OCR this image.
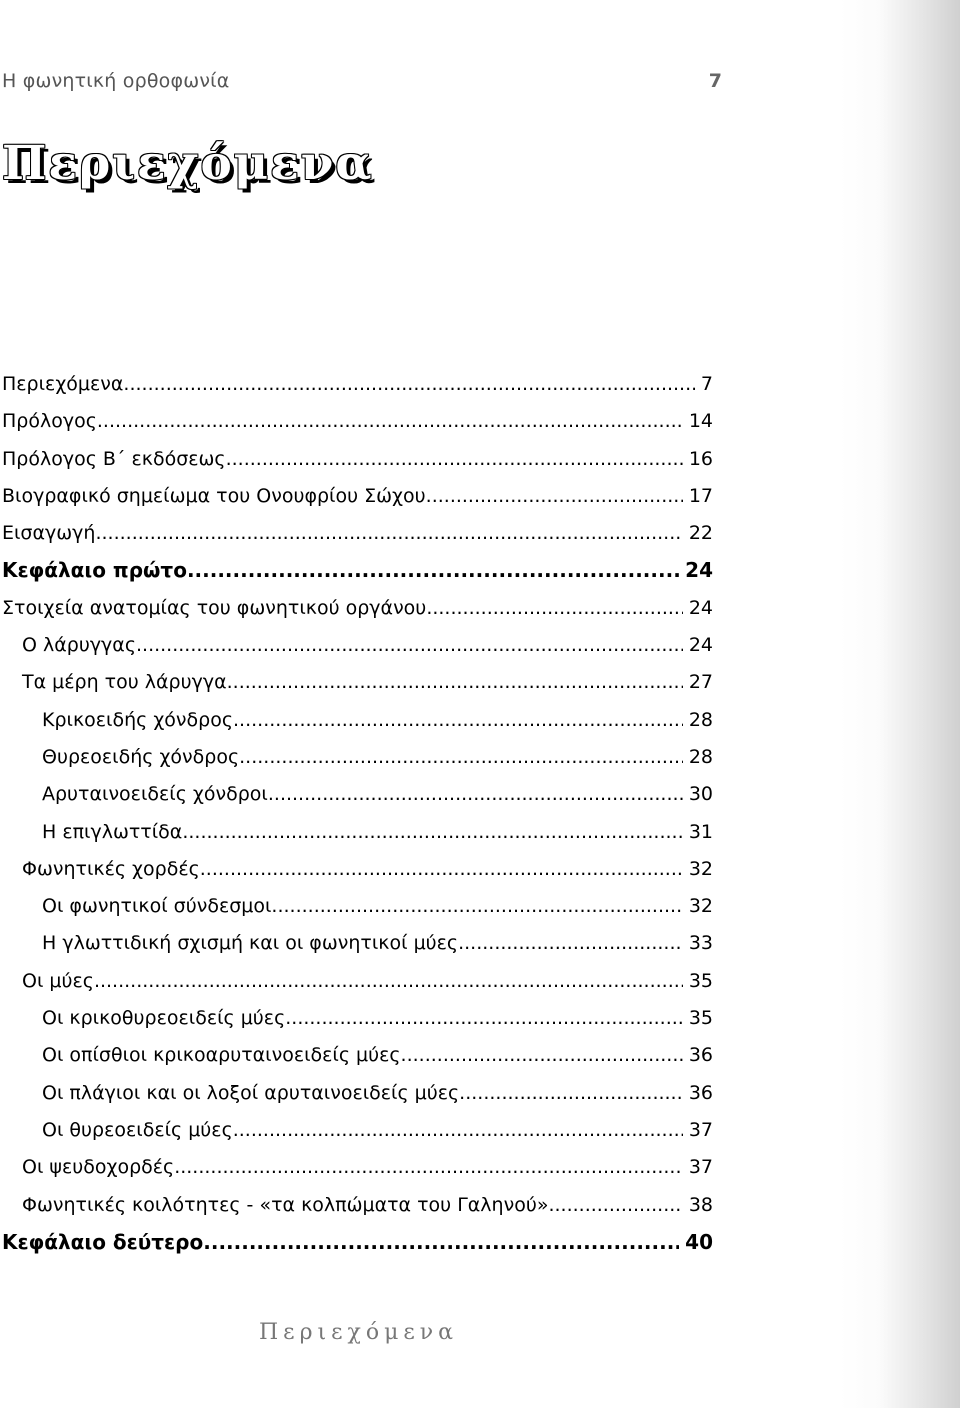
Η φωνητική ορθοφωνία	7
Περιεχόμενα
Περιεχόμενα .....	7
Πρόλογος .....	14
Πρόλογος Β΄ εκδόσεως .....	16
Βιογραφικό σημείωμα του Ονουφρίου Σώχου .....	17
Εισαγωγή .....	22
Κεφάλαιο πρώτο .....	24
Στοιχεία ανατομίας του φωνητικού οργάνου .....	24
Ο λάρυγγας .....	24
Τα μέρη του λάρυγγα .....	27
Κρικοειδής χόνδρος .....	28
Θυρεοειδής χόνδρος .....	28
Αρυταινοειδείς χόνδροι .....	30
Η επιγλωττίδα .....	31
Φωνητικές χορδές .....	32
Οι φωνητικοί σύνδεσμοι .....	32
Η γλωττιδική σχισμή και οι φωνητικοί μύες .....	33
Οι μύες .....	35
Οι κρικοθυρεοειδείς μύες .....	35
Οι οπίσθιοι κρικοαρυταινοειδείς μύες .....	36
Οι πλάγιοι και οι λοξοί αρυταινοειδείς μύες .....	36
Οι θυρεοειδείς μύες .....	37
Οι ψευδοχορδές .....	37
Φωνητικές κοιλότητες - «τα κολπώματα του Γαληνού» .....	38
Κεφάλαιο δεύτερο .....	40
Περιεχόμενα
